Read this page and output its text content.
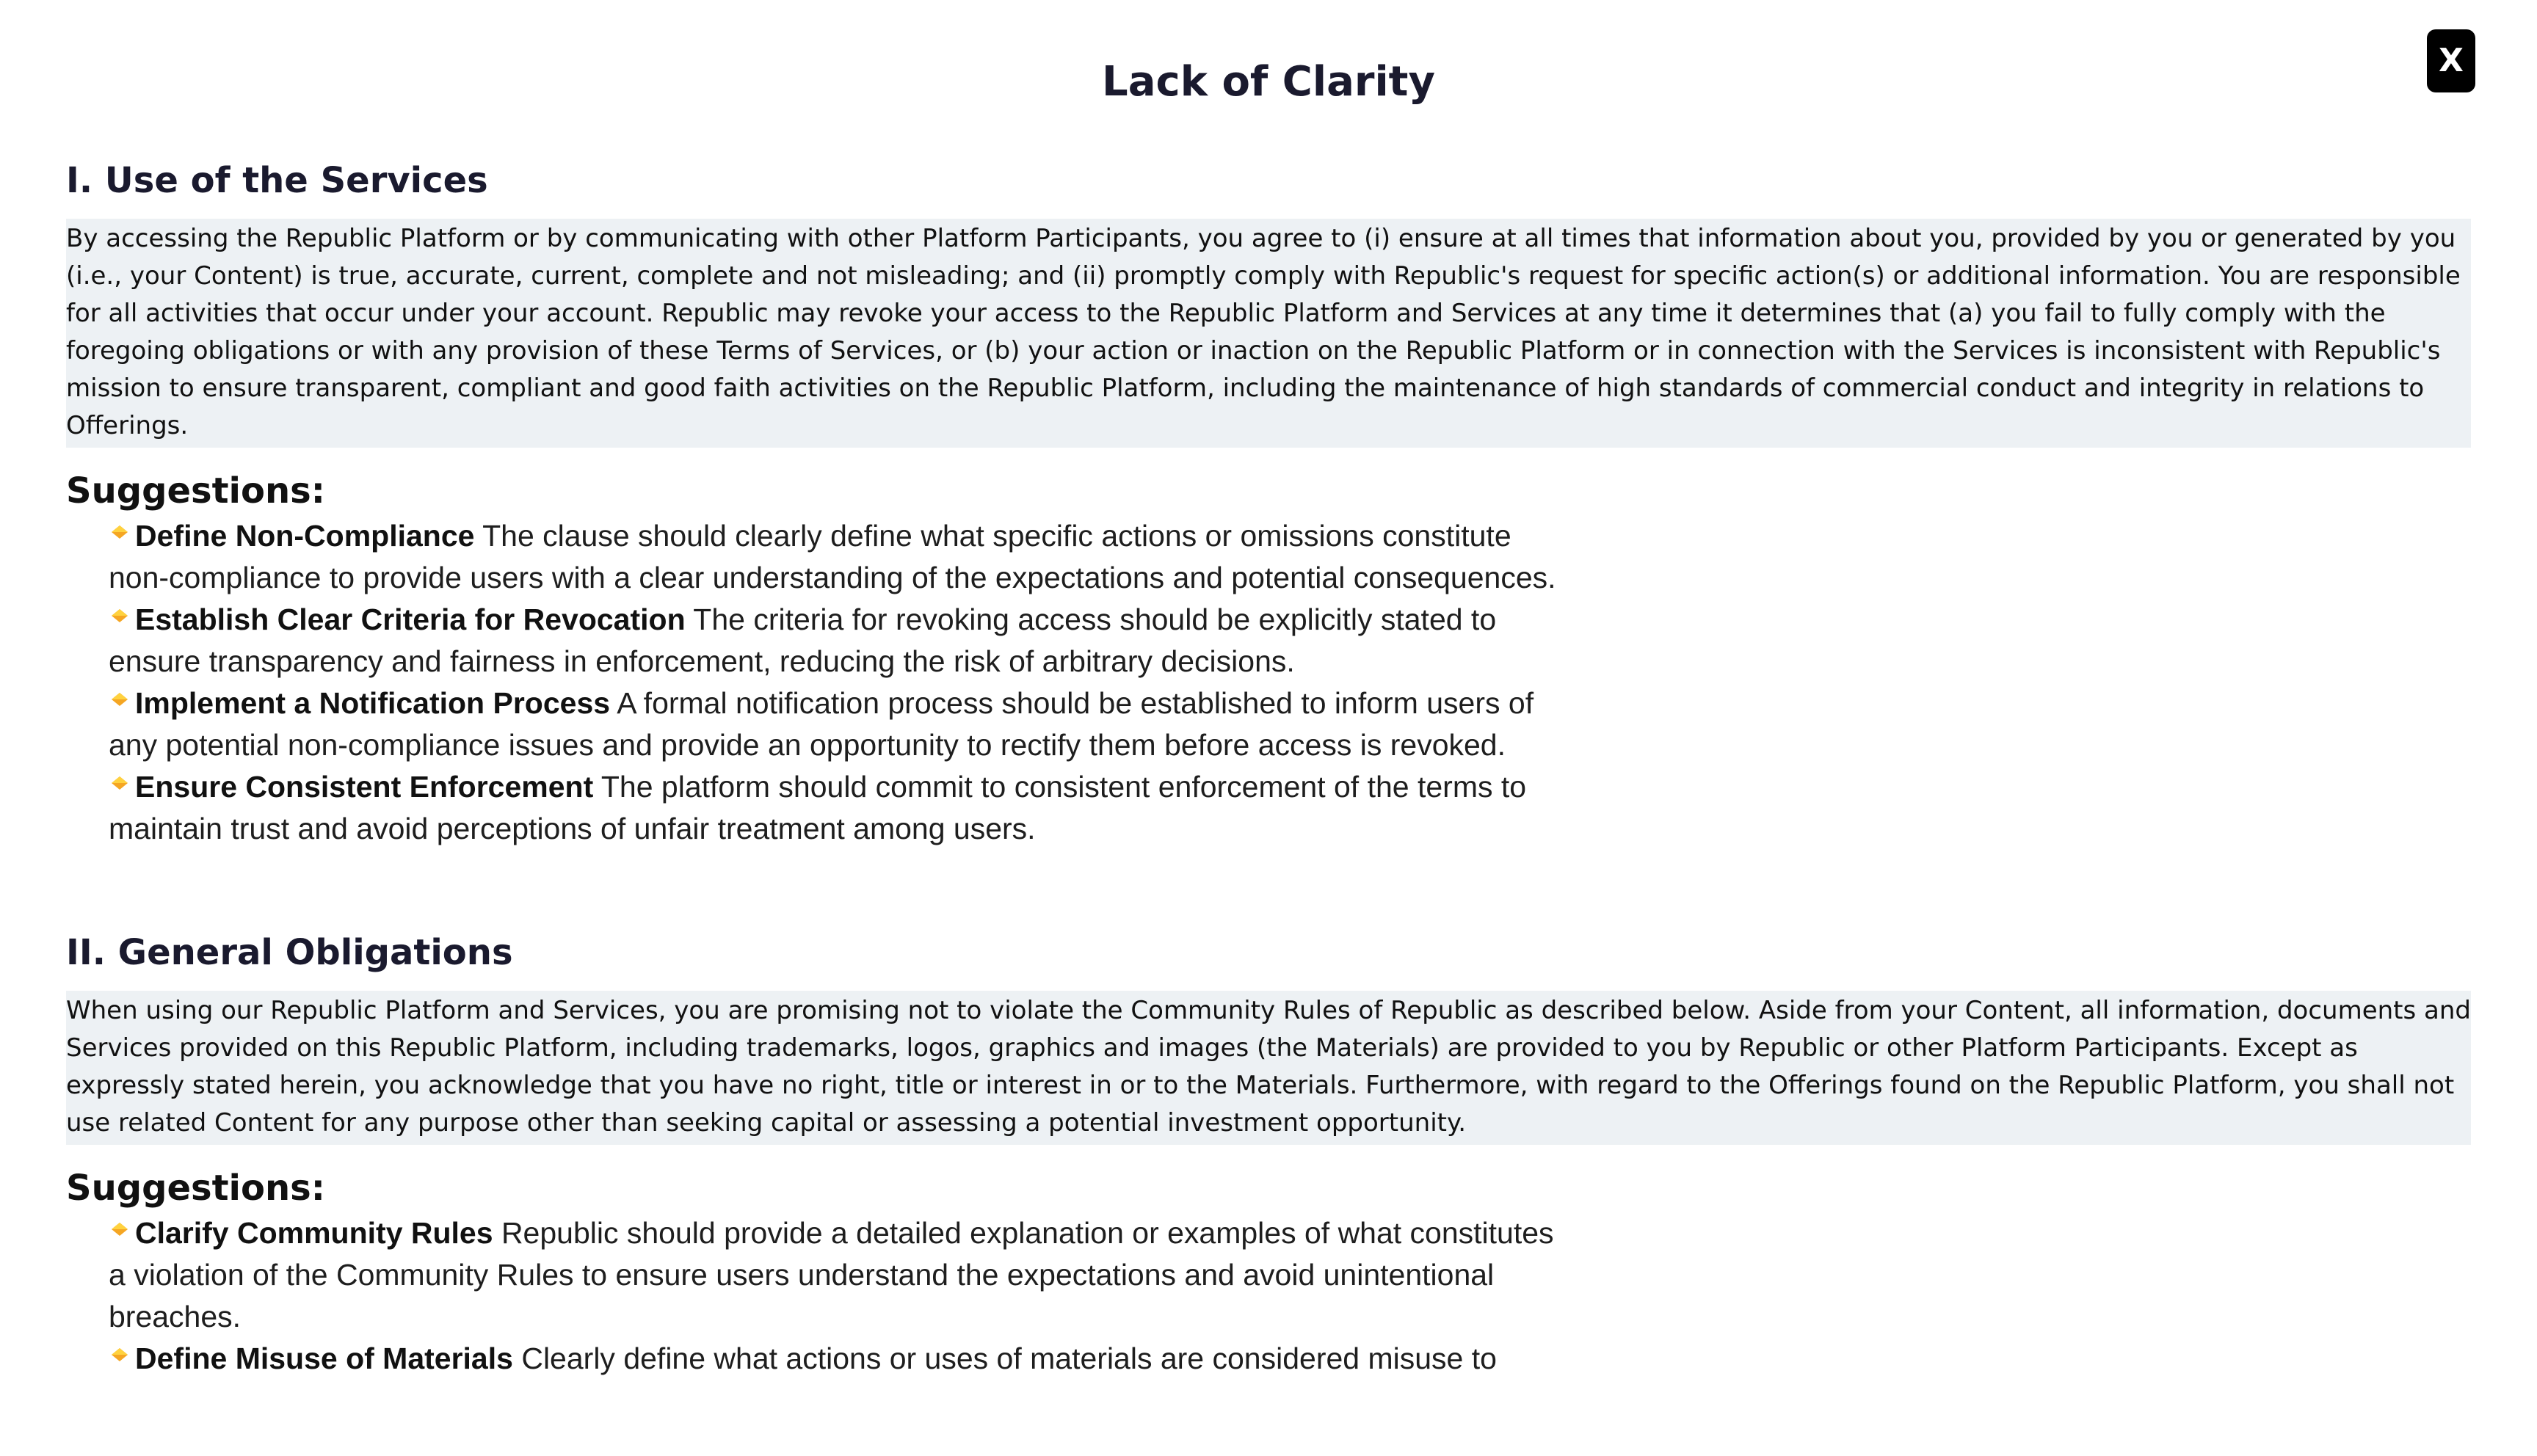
X
Lack of Clarity
I. Use of the Services

By accessing the Republic Platform or by communicating with other Platform Participants, you agree to (i) ensure at all times that information about you, provided by you or generated by you (i.e., your Content) is true, accurate, current, complete and not misleading; and (ii) promptly comply with Republic's request for specific action(s) or additional information. You are responsible for all activities that occur under your account. Republic may revoke your access to the Republic Platform and Services at any time it determines that (a) you fail to fully comply with the foregoing obligations or with any provision of these Terms of Services, or (b) your action or inaction on the Republic Platform or in connection with the Services is inconsistent with Republic's mission to ensure transparent, compliant and good faith activities on the Republic Platform, including the maintenance of high standards of commercial conduct and integrity in relations to Offerings.

Suggestions:
Define Non-Compliance The clause should clearly define what specific actions or omissions constitute non-compliance to provide users with a clear understanding of the expectations and potential consequences.
Establish Clear Criteria for Revocation The criteria for revoking access should be explicitly stated to ensure transparency and fairness in enforcement, reducing the risk of arbitrary decisions.
Implement a Notification Process A formal notification process should be established to inform users of any potential non-compliance issues and provide an opportunity to rectify them before access is revoked.
Ensure Consistent Enforcement The platform should commit to consistent enforcement of the terms to maintain trust and avoid perceptions of unfair treatment among users.
II. General Obligations

When using our Republic Platform and Services, you are promising not to violate the Community Rules of Republic as described below. Aside from your Content, all information, documents and Services provided on this Republic Platform, including trademarks, logos, graphics and images (the Materials) are provided to you by Republic or other Platform Participants. Except as expressly stated herein, you acknowledge that you have no right, title or interest in or to the Materials. Furthermore, with regard to the Offerings found on the Republic Platform, you shall not use related Content for any purpose other than seeking capital or assessing a potential investment opportunity.

Suggestions:
Clarify Community Rules Republic should provide a detailed explanation or examples of what constitutes a violation of the Community Rules to ensure users understand the expectations and avoid unintentional breaches.
Define Misuse of Materials Clearly define what actions or uses of materials are considered misuse to
